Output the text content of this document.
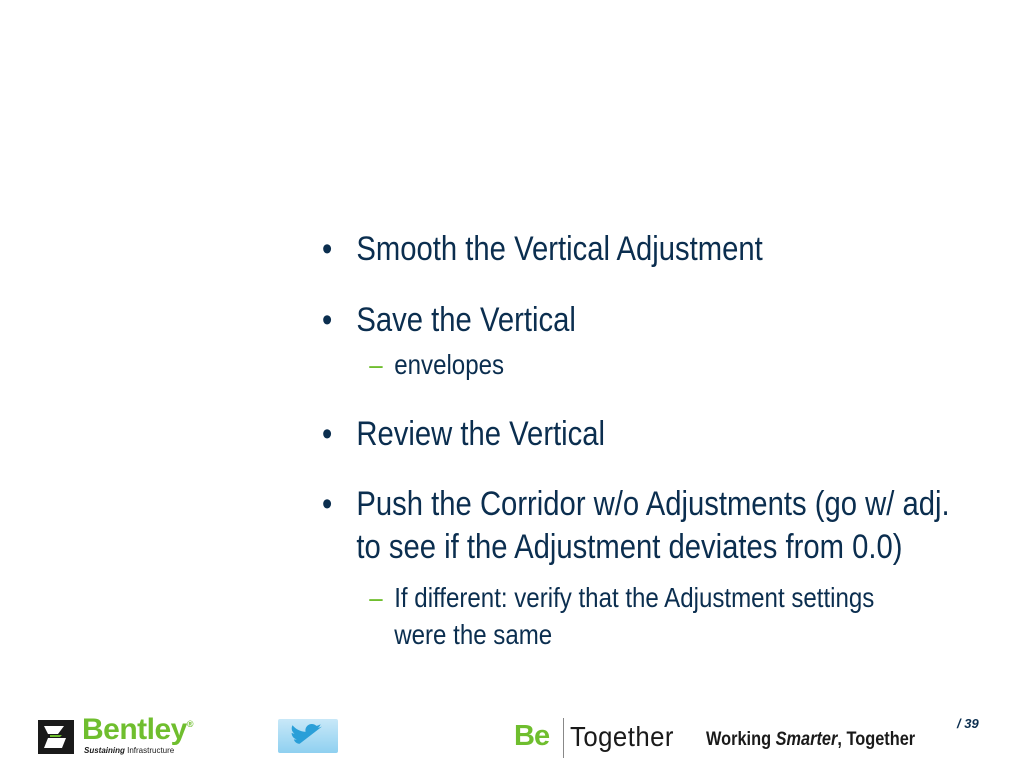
• Smooth the Vertical Adjustment
• Save the Vertical
– envelopes
• Review the Vertical
• Push the Corridor w/o Adjustments (go w/ adj. to see if the Adjustment deviates from 0.0)
– If different: verify that the Adjustment settings were the same
Bentley®
Sustaining Infrastructure	Be Together Working Smarter, Together
/ 39
